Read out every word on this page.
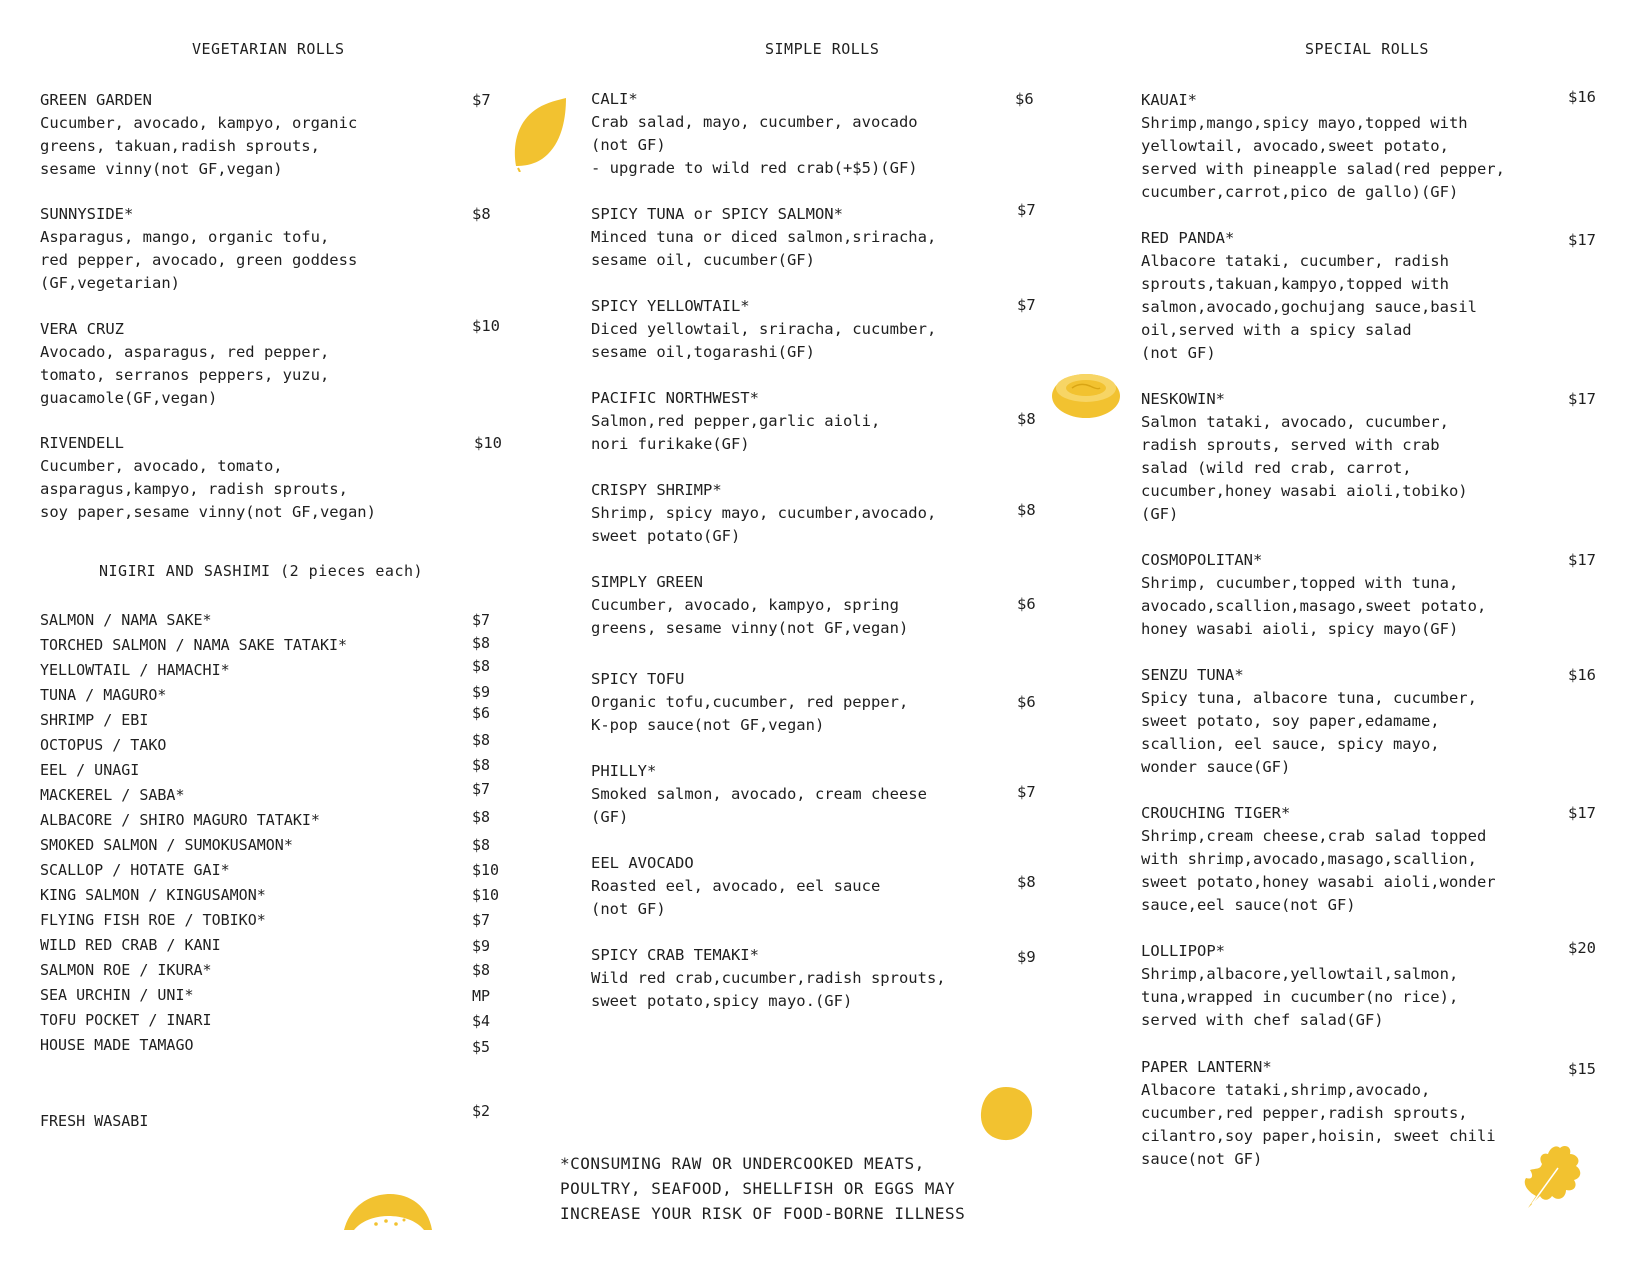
VEGETARIAN ROLLS	SIMPLE ROLLS	SPECIAL ROLLS
NIGIRI AND SASHIMI (2 pieces each)
GREEN GARDEN
Cucumber, avocado, kampyo, organic
greens, takuan,radish sprouts,
sesame vinny(not GF,vegan)
$7
SUNNYSIDE*
Asparagus, mango, organic tofu,
red pepper, avocado, green goddess
(GF,vegetarian)
$8
VERA CRUZ
Avocado, asparagus, red pepper,
tomato, serranos peppers, yuzu,
guacamole(GF,vegan)
$10
RIVENDELL
Cucumber, avocado, tomato,
asparagus,kampyo, radish sprouts,
soy paper,sesame vinny(not GF,vegan)
$10
SALMON / NAMA SAKE*	$7
TORCHED SALMON / NAMA SAKE TATAKI*	$8
YELLOWTAIL / HAMACHI*	$8
TUNA / MAGURO*	$9
SHRIMP / EBI	$6
OCTOPUS / TAKO	$8
EEL / UNAGI	$8
MACKEREL / SABA*	$7
ALBACORE / SHIRO MAGURO TATAKI*	$8
SMOKED SALMON / SUMOKUSAMON*	$8
SCALLOP / HOTATE GAI*	$10
KING SALMON / KINGUSAMON*	$10
FLYING FISH ROE / TOBIKO*	$7
WILD RED CRAB / KANI	$9
SALMON ROE / IKURA*	$8
SEA URCHIN / UNI*	MP
TOFU POCKET / INARI	$4
HOUSE MADE TAMAGO	$5
FRESH WASABI
$2
CALI*
Crab salad, mayo, cucumber, avocado
(not GF)
- upgrade to wild red crab(+$5)(GF)
$6
SPICY TUNA or SPICY SALMON*
Minced tuna or diced salmon,sriracha,
sesame oil, cucumber(GF)
$7
SPICY YELLOWTAIL*
Diced yellowtail, sriracha, cucumber,
sesame oil,togarashi(GF)
$7
PACIFIC NORTHWEST*
Salmon,red pepper,garlic aioli,
nori furikake(GF)
$8
CRISPY SHRIMP*
Shrimp, spicy mayo, cucumber,avocado,
sweet potato(GF)
$8
SIMPLY GREEN
Cucumber, avocado, kampyo, spring
greens, sesame vinny(not GF,vegan)
$6
SPICY TOFU
Organic tofu,cucumber, red pepper,
K-pop sauce(not GF,vegan)
$6
PHILLY*
Smoked salmon, avocado, cream cheese
(GF)
$7
EEL AVOCADO
Roasted eel, avocado, eel sauce
(not GF)
$8
SPICY CRAB TEMAKI*
Wild red crab,cucumber,radish sprouts,
sweet potato,spicy mayo.(GF)
$9
KAUAI*
Shrimp,mango,spicy mayo,topped with
yellowtail, avocado,sweet potato,
served with pineapple salad(red pepper,
cucumber,carrot,pico de gallo)(GF)
$16
RED PANDA*
Albacore tataki, cucumber, radish
sprouts,takuan,kampyo,topped with
salmon,avocado,gochujang sauce,basil
oil,served with a spicy salad
(not GF)
$17
NESKOWIN*
Salmon tataki, avocado, cucumber,
radish sprouts, served with crab
salad (wild red crab, carrot,
cucumber,honey wasabi aioli,tobiko)
(GF)
$17
COSMOPOLITAN*
Shrimp, cucumber,topped with tuna,
avocado,scallion,masago,sweet potato,
honey wasabi aioli, spicy mayo(GF)
$17
SENZU TUNA*
Spicy tuna, albacore tuna, cucumber,
sweet potato, soy paper,edamame,
scallion, eel sauce, spicy mayo,
wonder sauce(GF)
$16
CROUCHING TIGER*
Shrimp,cream cheese,crab salad topped
with shrimp,avocado,masago,scallion,
sweet potato,honey wasabi aioli,wonder
sauce,eel sauce(not GF)
$17
LOLLIPOP*
Shrimp,albacore,yellowtail,salmon,
tuna,wrapped in cucumber(no rice),
served with chef salad(GF)
$20
PAPER LANTERN*
Albacore tataki,shrimp,avocado,
cucumber,red pepper,radish sprouts,
cilantro,soy paper,hoisin, sweet chili
sauce(not GF)
$15
*CONSUMING RAW OR UNDERCOOKED MEATS,
POULTRY, SEAFOOD, SHELLFISH OR EGGS MAY
INCREASE YOUR RISK OF FOOD-BORNE ILLNESS
